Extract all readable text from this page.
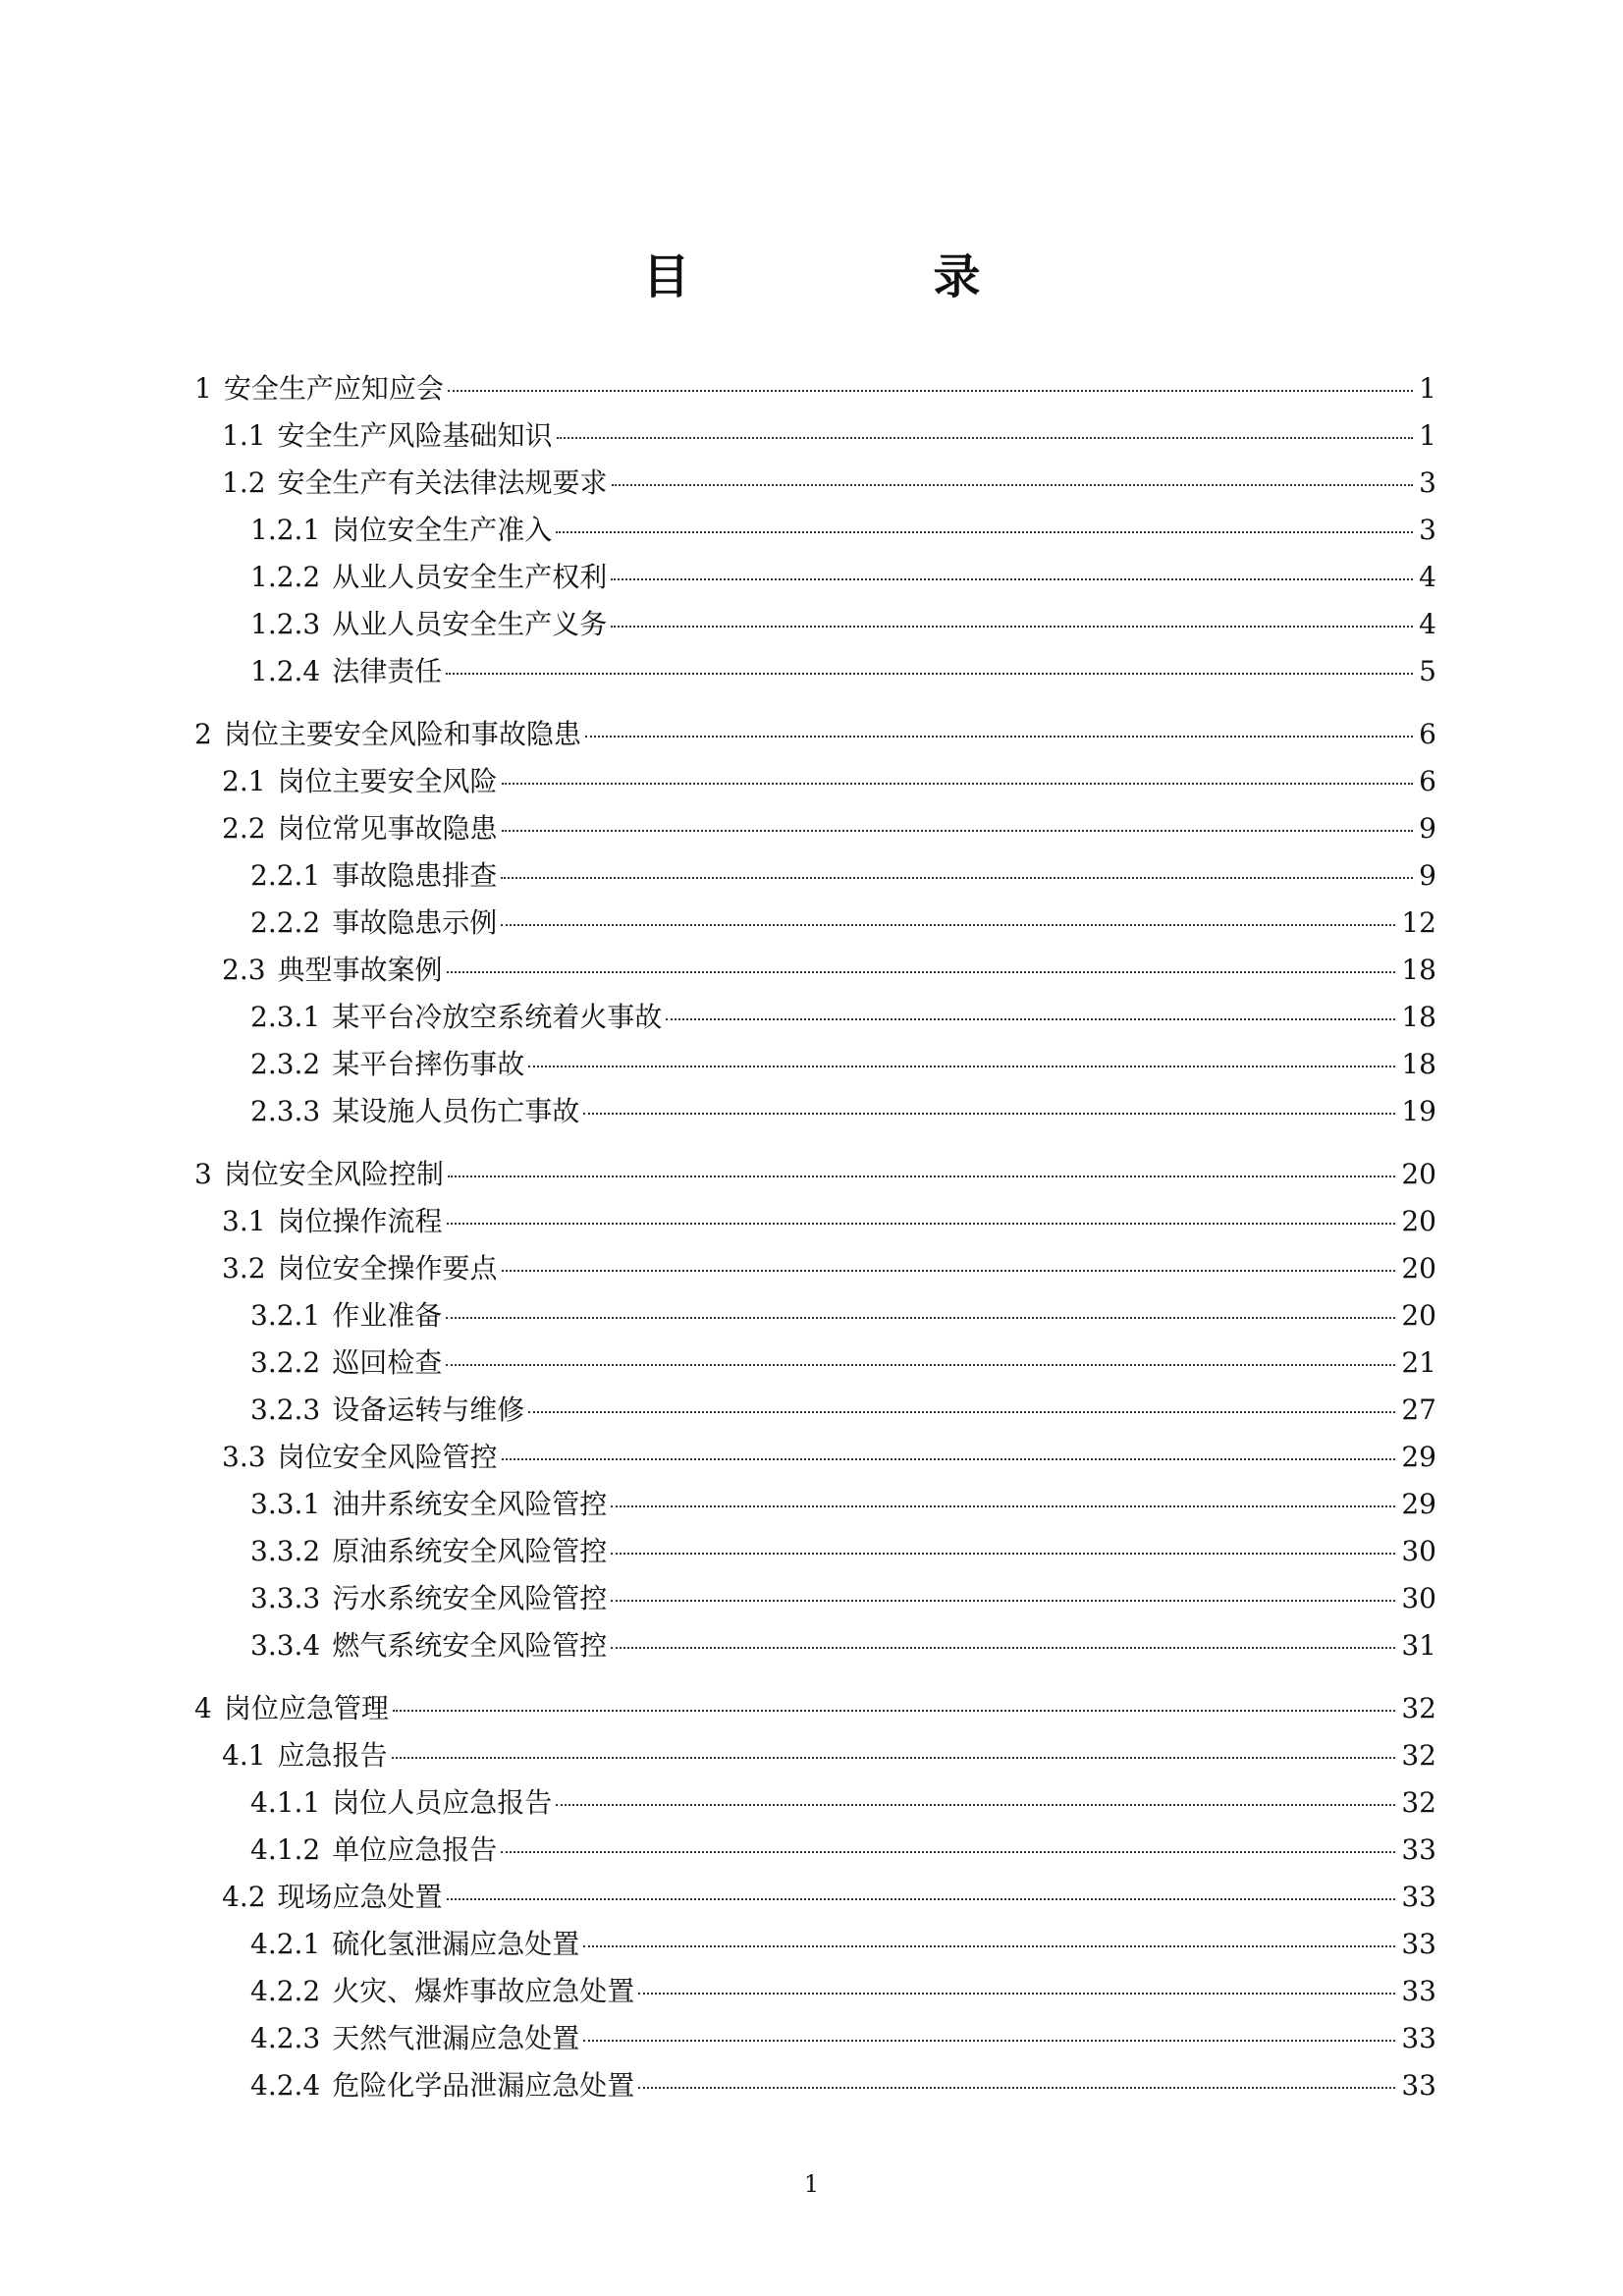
目　录
1 安全生产应知应会	1
1.1 安全生产风险基础知识	1
1.2 安全生产有关法律法规要求	3
1.2.1 岗位安全生产准入	3
1.2.2 从业人员安全生产权利	4
1.2.3 从业人员安全生产义务	4
1.2.4 法律责任	5
2 岗位主要安全风险和事故隐患	6
2.1 岗位主要安全风险	6
2.2 岗位常见事故隐患	9
2.2.1 事故隐患排查	9
2.2.2 事故隐患示例	12
2.3 典型事故案例	18
2.3.1 某平台冷放空系统着火事故	18
2.3.2 某平台摔伤事故	18
2.3.3 某设施人员伤亡事故	19
3 岗位安全风险控制	20
3.1 岗位操作流程	20
3.2 岗位安全操作要点	20
3.2.1 作业准备	20
3.2.2 巡回检查	21
3.2.3 设备运转与维修	27
3.3 岗位安全风险管控	29
3.3.1 油井系统安全风险管控	29
3.3.2 原油系统安全风险管控	30
3.3.3 污水系统安全风险管控	30
3.3.4 燃气系统安全风险管控	31
4 岗位应急管理	32
4.1 应急报告	32
4.1.1 岗位人员应急报告	32
4.1.2 单位应急报告	33
4.2 现场应急处置	33
4.2.1 硫化氢泄漏应急处置	33
4.2.2 火灾、爆炸事故应急处置	33
4.2.3 天然气泄漏应急处置	33
4.2.4 危险化学品泄漏应急处置	33
1
